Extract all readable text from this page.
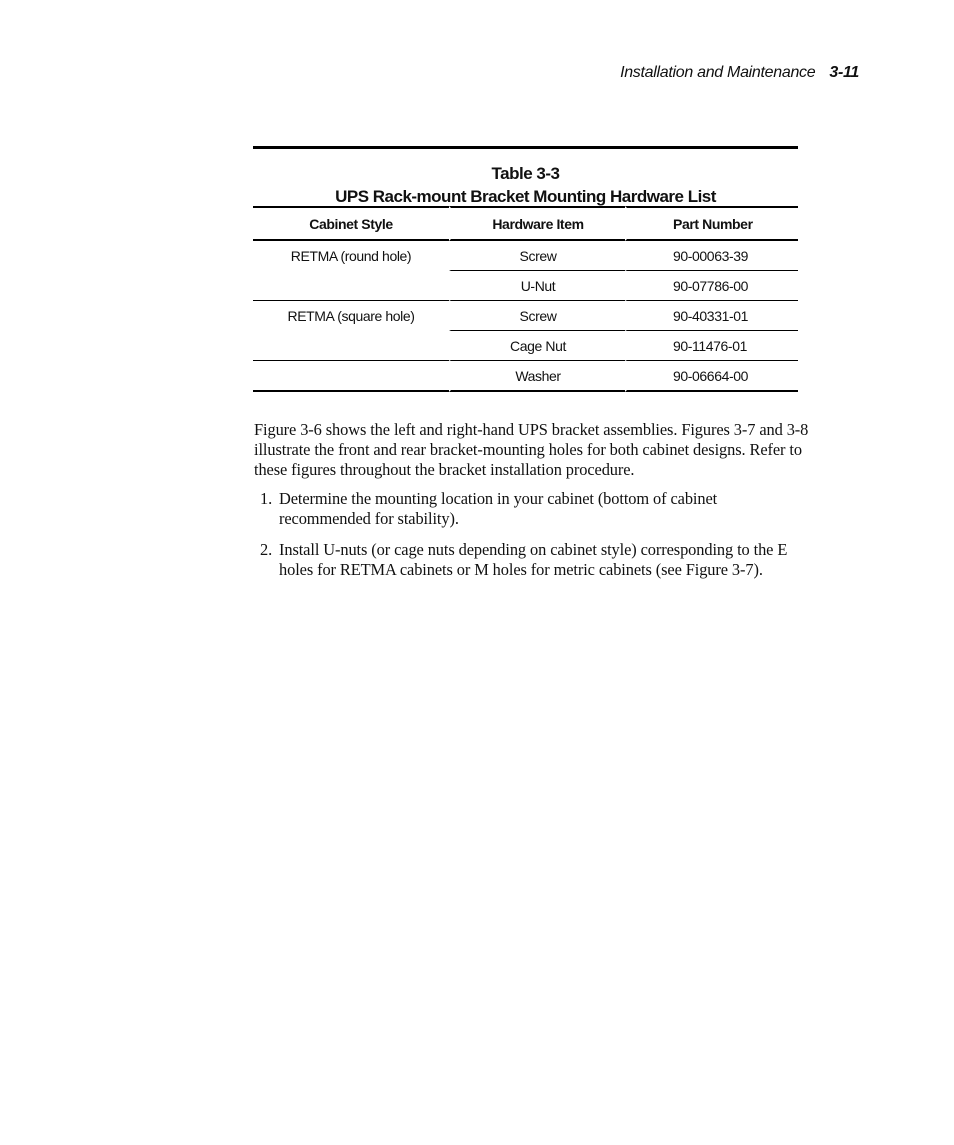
Installation and Maintenance 3-11
Table 3-3
UPS Rack-mount Bracket Mounting Hardware List
Cabinet Style	Hardware Item	Part Number
RETMA (round hole)	Screw	90-00063-39
	U-Nut	90-07786-00
RETMA (square hole)	Screw	90-40331-01
	Cage Nut	90-11476-01
	Washer	90-06664-00

Figure 3-6 shows the left and right-hand UPS bracket assemblies. Figures 3-7 and 3-8 illustrate the front and rear bracket-mounting holes for both cabinet designs. Refer to these figures throughout the bracket installation procedure.

1. Determine the mounting location in your cabinet (bottom of cabinet recommended for stability).
2. Install U-nuts (or cage nuts depending on cabinet style) corresponding to the E holes for RETMA cabinets or M holes for metric cabinets (see Figure 3-7).
